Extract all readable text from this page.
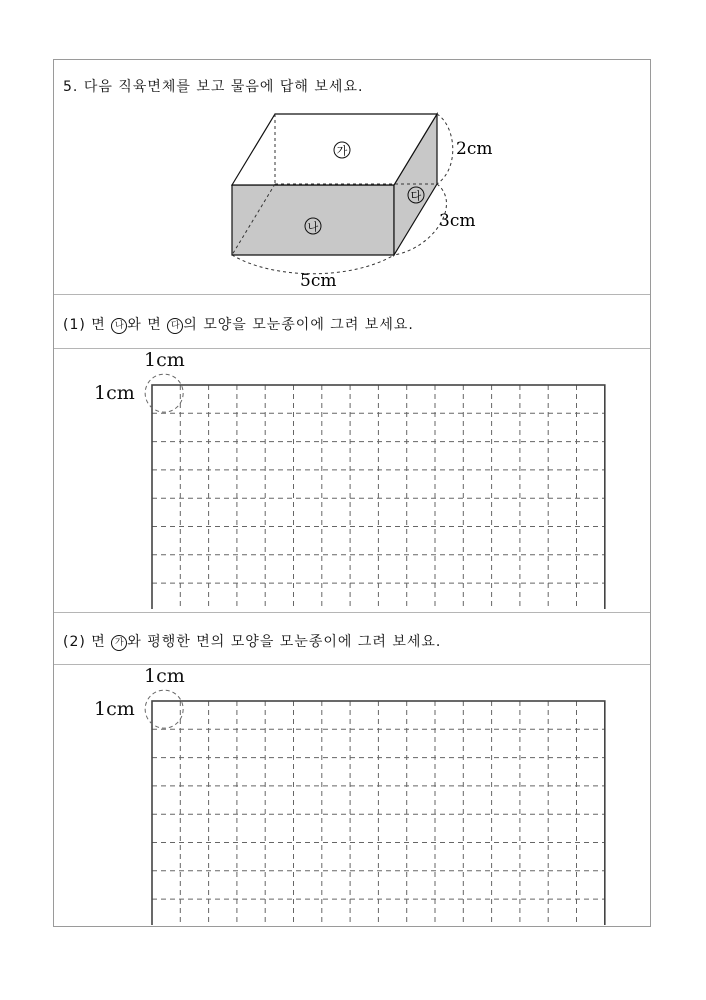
5. 다음 직육면체를 보고 물음에 답해 보세요.
가
나
다
2cm
3cm
5cm
(1) 면 나 와 면 다 의 모양을 모눈종이에 그려 보세요.
1cm
1cm
(2) 면 가 와 평행한 면의 모양을 모눈종이에 그려 보세요.
1cm
1cm
